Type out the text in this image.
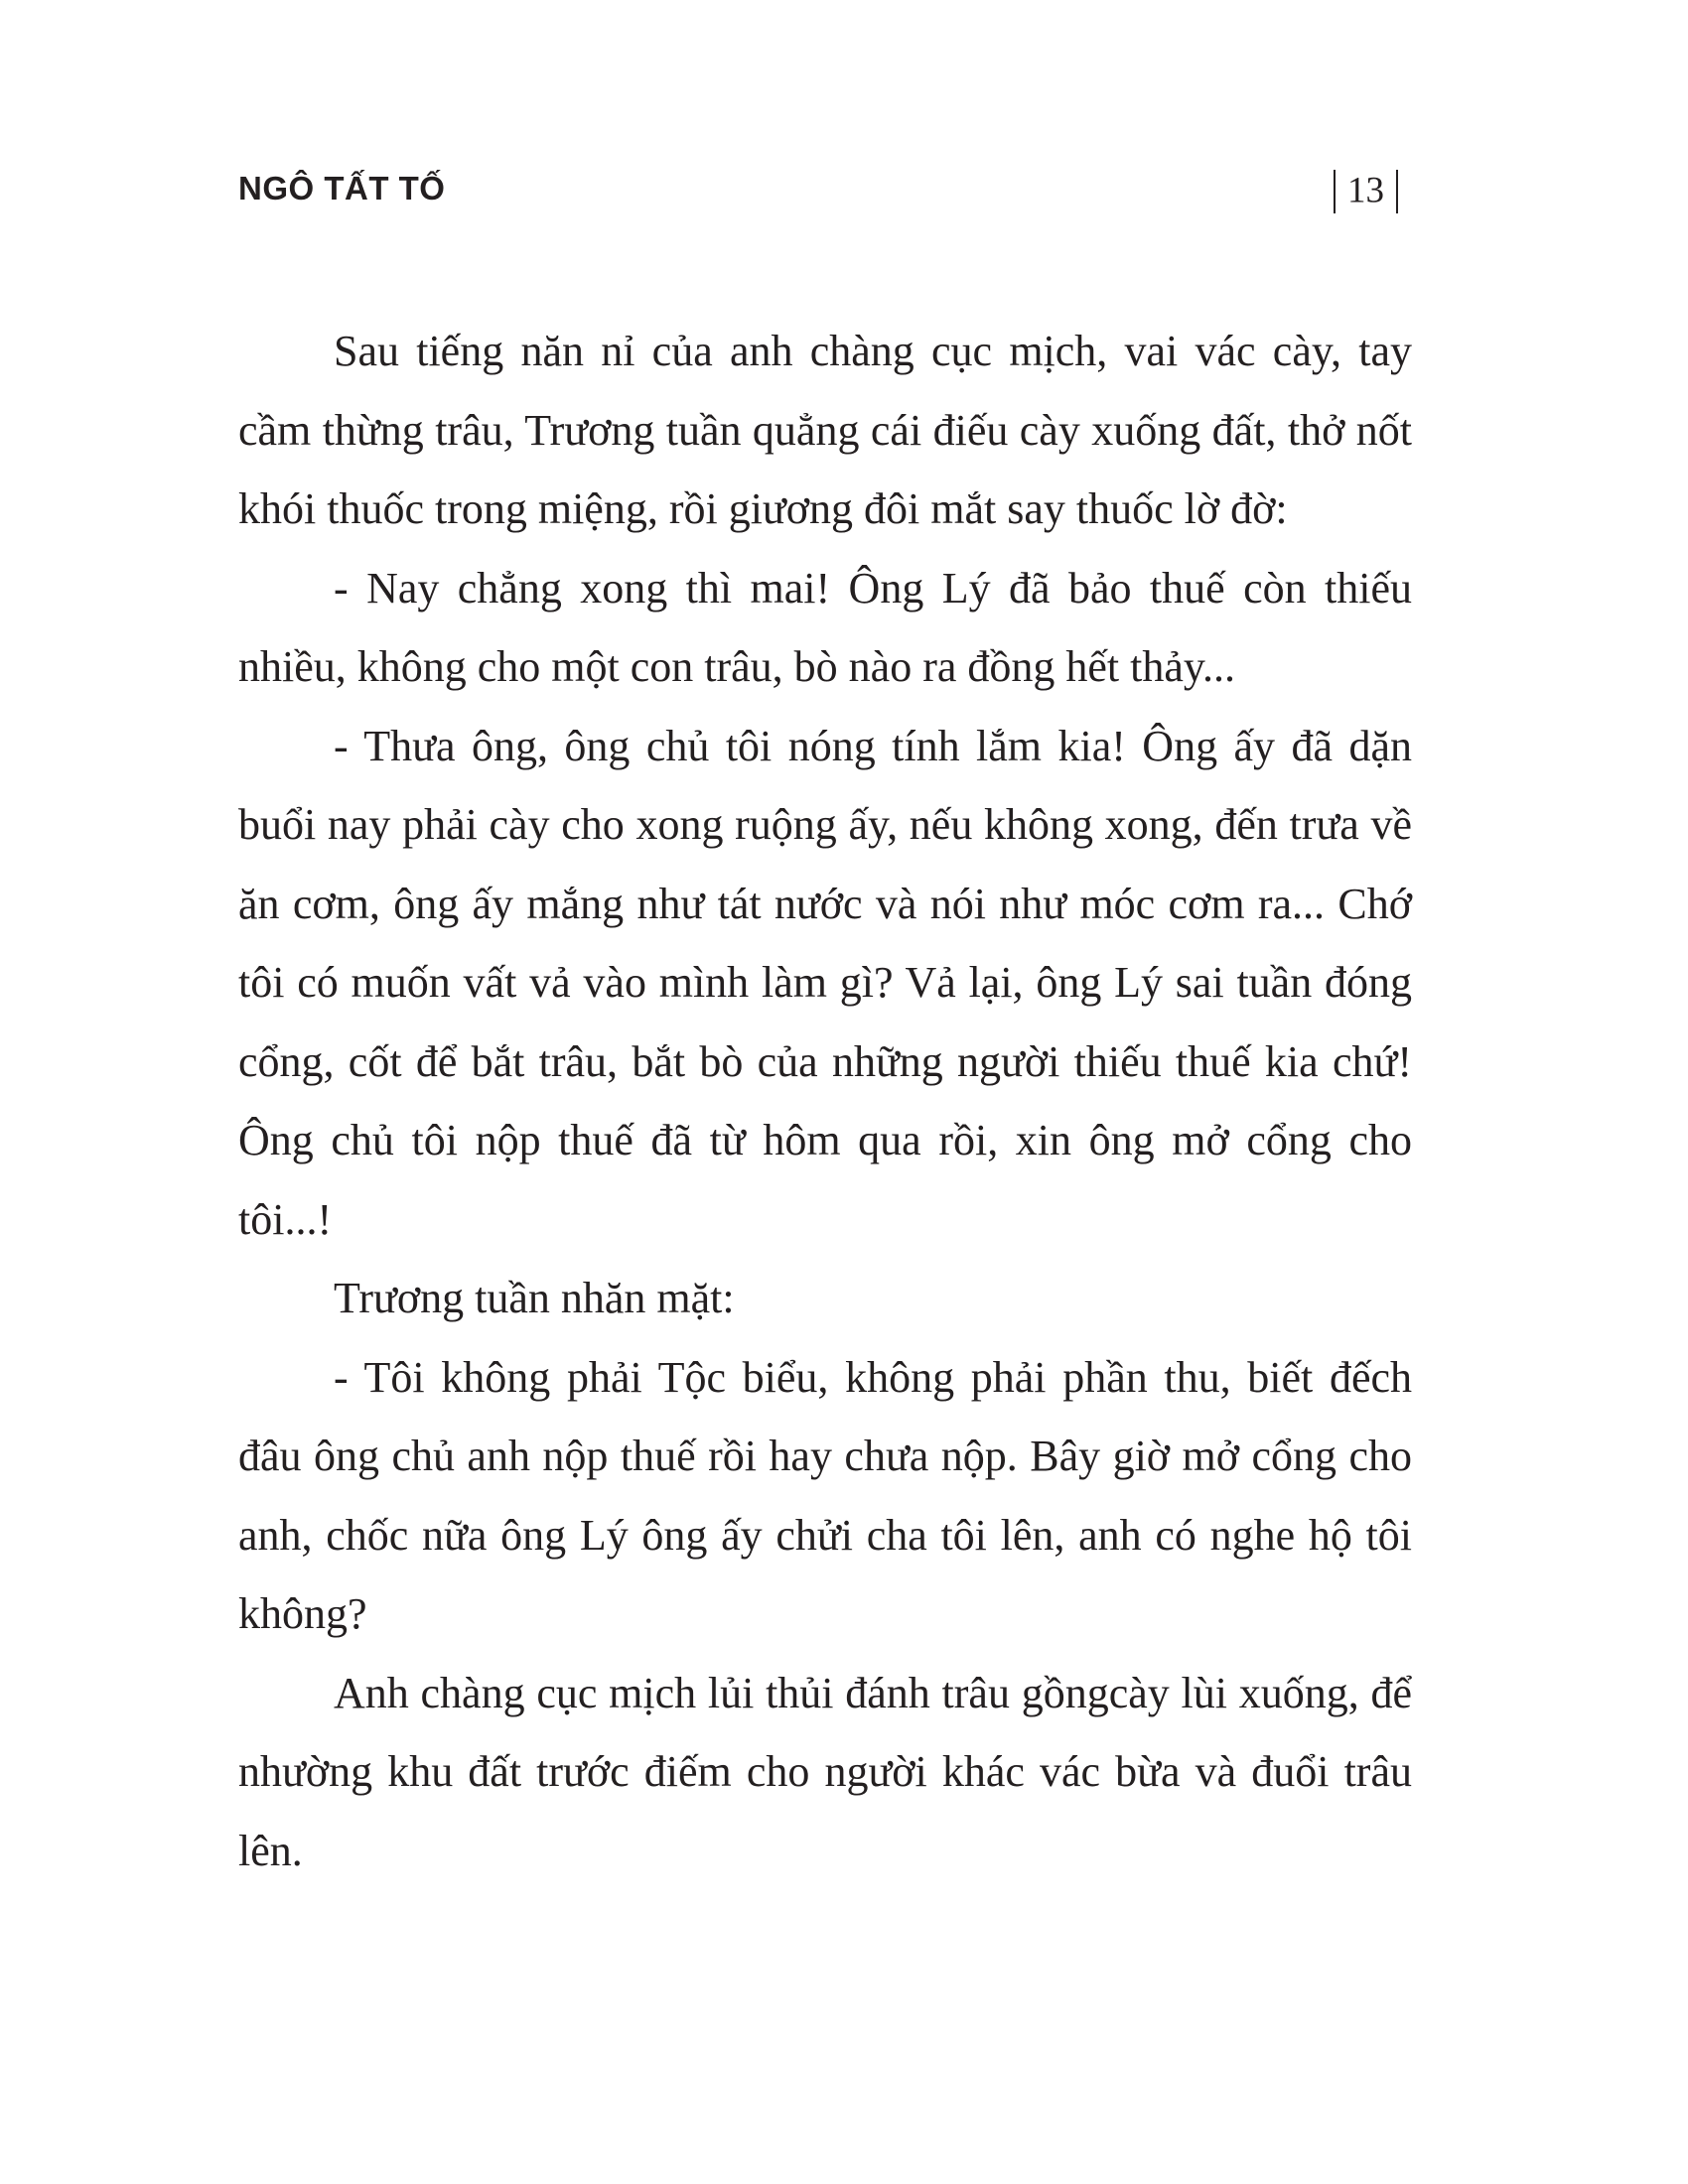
NGÔ TẤT TỐ	13

Sau tiếng năn nỉ của anh chàng cục mịch, vai vác cày, tay cầm thừng trâu, Trương tuần quẳng cái điếu cày xuống đất, thở nốt khói thuốc trong miệng, rồi giương đôi mắt say thuốc lờ đờ:

- Nay chẳng xong thì mai! Ông Lý đã bảo thuế còn thiếu nhiều, không cho một con trâu, bò nào ra đồng hết thảy...

- Thưa ông, ông chủ tôi nóng tính lắm kia! Ông ấy đã dặn buổi nay phải cày cho xong ruộng ấy, nếu không xong, đến trưa về ăn cơm, ông ấy mắng như tát nước và nói như móc cơm ra... Chớ tôi có muốn vất vả vào mình làm gì? Vả lại, ông Lý sai tuần đóng cổng, cốt để bắt trâu, bắt bò của những người thiếu thuế kia chứ! Ông chủ tôi nộp thuế đã từ hôm qua rồi, xin ông mở cổng cho tôi...!

Trương tuần nhăn mặt:

- Tôi không phải Tộc biểu, không phải phần thu, biết đếch đâu ông chủ anh nộp thuế rồi hay chưa nộp. Bây giờ mở cổng cho anh, chốc nữa ông Lý ông ấy chửi cha tôi lên, anh có nghe hộ tôi không?

Anh chàng cục mịch lủi thủi đánh trâu gồngcày lùi xuống, để nhường khu đất trước điếm cho người khác vác bừa và đuổi trâu lên.
